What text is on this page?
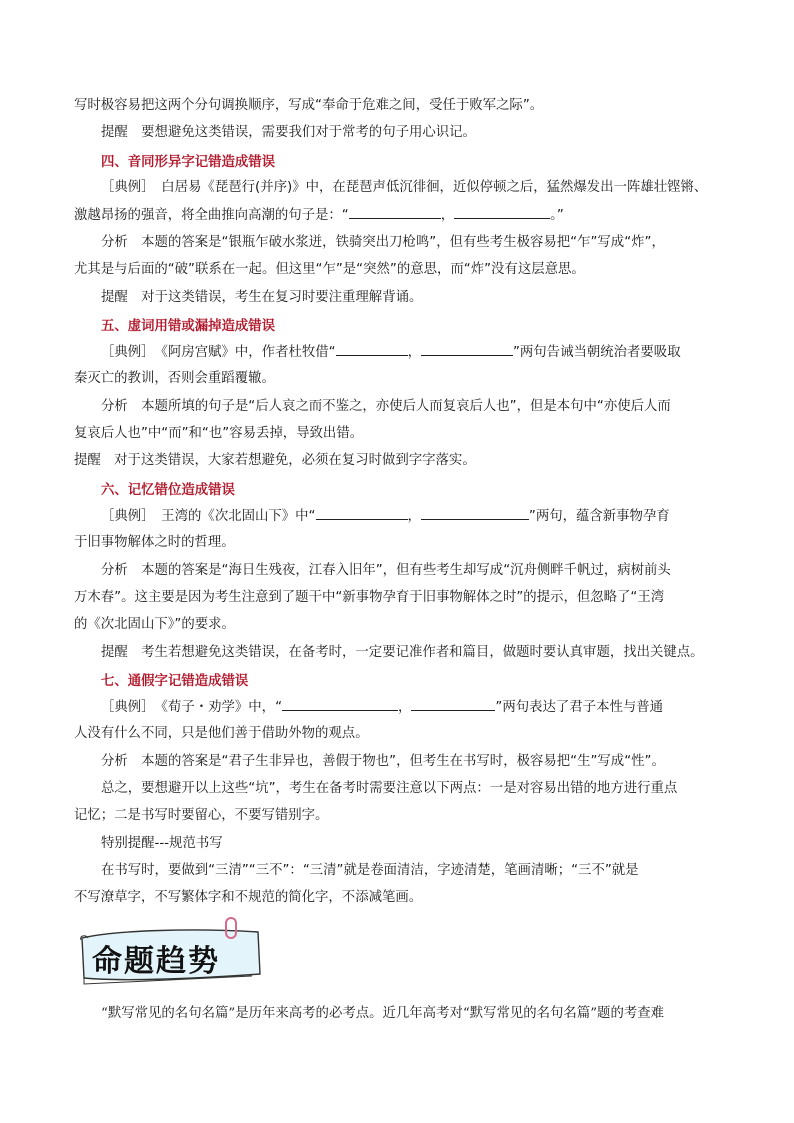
写时极容易把这两个分句调换顺序，写成“奉命于危难之间，受任于败军之际”。
提醒　要想避免这类错误，需要我们对于常考的句子用心识记。
四、音同形异字记错造成错误
［典例］　白居易《琵琶行(并序)》中，在琵琶声低沉徘徊，近似停顿之后，猛然爆发出一阵雄壮铿锵、
激越昂扬的强音，将全曲推向高潮的句子是：“	，	。”
分析　本题的答案是“银瓶乍破水浆迸，铁骑突出刀枪鸣”，但有些考生极容易把“乍”写成“炸”，
尤其是与后面的“破”联系在一起。但这里“乍”是“突然”的意思，而“炸”没有这层意思。
提醒　对于这类错误，考生在复习时要注重理解背诵。
五、虚词用错或漏掉造成错误
［典例］　《阿房宫赋》中，作者杜牧借“	，	”两句告诫当朝统治者要吸取
秦灭亡的教训，否则会重蹈覆辙。
分析　本题所填的句子是“后人哀之而不鉴之，亦使后人而复哀后人也”，但是本句中“亦使后人而
复哀后人也”中“而”和“也”容易丢掉，导致出错。
提醒　对于这类错误，大家若想避免，必须在复习时做到字字落实。
六、记忆错位造成错误
［典例］　王湾的《次北固山下》中“	，	”两句，蕴含新事物孕育
于旧事物解体之时的哲理。
分析　本题的答案是“海日生残夜，江春入旧年”，但有些考生却写成“沉舟侧畔千帆过，病树前头
万木春”。这主要是因为考生注意到了题干中“新事物孕育于旧事物解体之时”的提示，但忽略了“王湾
的《次北固山下》”的要求。
提醒　考生若想避免这类错误，在备考时，一定要记准作者和篇目，做题时要认真审题，找出关键点。
七、通假字记错造成错误
［典例］　《荀子・劝学》中，“	，	”两句表达了君子本性与普通
人没有什么不同，只是他们善于借助外物的观点。
分析　本题的答案是“君子生非异也，善假于物也”，但考生在书写时，极容易把“生”写成“性”。
总之，要想避开以上这些“坑”，考生在备考时需要注意以下两点：一是对容易出错的地方进行重点
记忆；二是书写时要留心，不要写错别字。
特别提醒---规范书写
在书写时，要做到“三清”“三不”：“三清”就是卷面清洁，字迹清楚，笔画清晰；“三不”就是
不写潦草字，不写繁体字和不规范的简化字，不添减笔画。
命题趋势
“默写常见的名句名篇”是历年来高考的必考点。近几年高考对“默写常见的名句名篇”题的考查难
